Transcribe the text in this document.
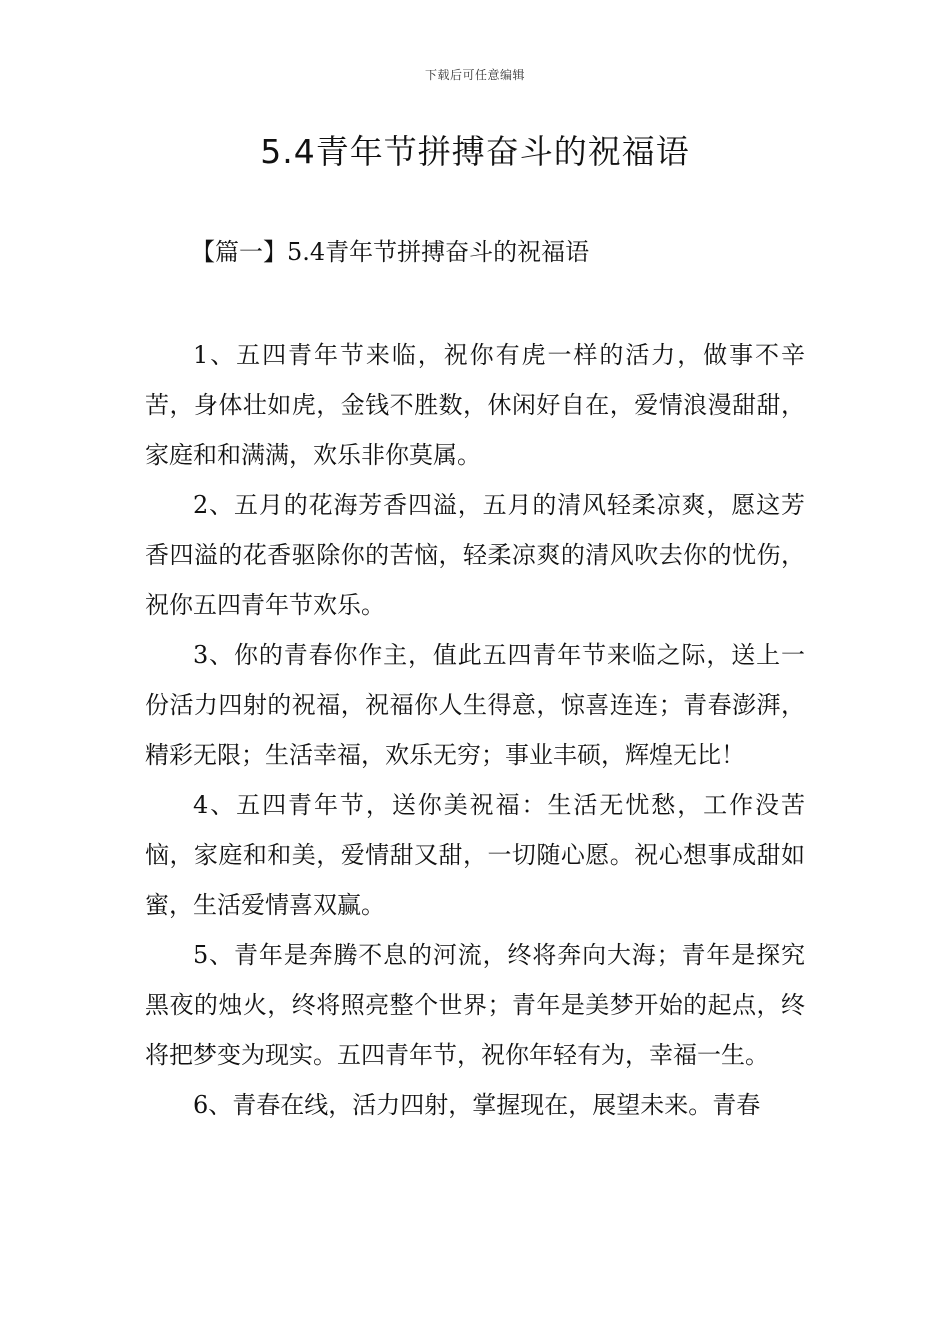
下载后可任意编辑
5.4青年节拼搏奋斗的祝福语
【篇一】5.4青年节拼搏奋斗的祝福语

1、五四青年节来临，祝你有虎一样的活力，做事不辛苦，身体壮如虎，金钱不胜数，休闲好自在，爱情浪漫甜甜，家庭和和满满，欢乐非你莫属。

2、五月的花海芳香四溢，五月的清风轻柔凉爽，愿这芳香四溢的花香驱除你的苦恼，轻柔凉爽的清风吹去你的忧伤，祝你五四青年节欢乐。

3、你的青春你作主，值此五四青年节来临之际，送上一份活力四射的祝福，祝福你人生得意，惊喜连连；青春澎湃，精彩无限；生活幸福，欢乐无穷；事业丰硕，辉煌无比！

4、五四青年节，送你美祝福：生活无忧愁，工作没苦恼，家庭和和美，爱情甜又甜，一切随心愿。祝心想事成甜如蜜，生活爱情喜双赢。

5、青年是奔腾不息的河流，终将奔向大海；青年是探究黑夜的烛火，终将照亮整个世界；青年是美梦开始的起点，终将把梦变为现实。五四青年节，祝你年轻有为，幸福一生。

6、青春在线，活力四射，掌握现在，展望未来。青春
